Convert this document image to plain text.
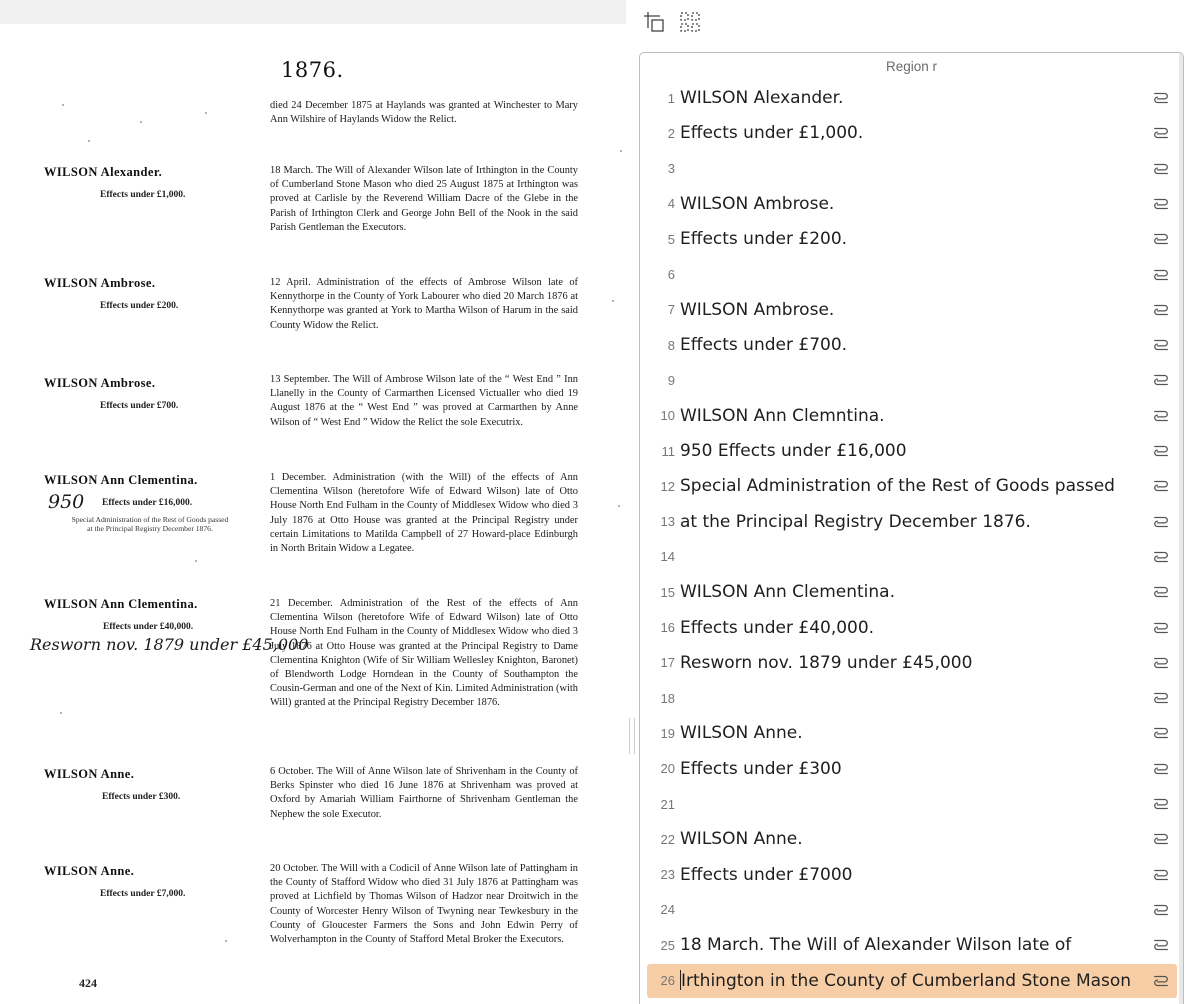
1876.

died 24 December 1875 at Haylands was granted at Winchester to Mary Ann Wilshire of Haylands Widow the Relict.

WILSON Alexander.
Effects under £1,000.

18 March. The Will of Alexander Wilson late of Irthington in the County of Cumberland Stone Mason who died 25 August 1875 at Irthington was proved at Carlisle by the Reverend William Dacre of the Glebe in the Parish of Irthington Clerk and George John Bell of the Nook in the said Parish Gentleman the Executors.

WILSON Ambrose.
Effects under £200.

12 April. Administration of the effects of Ambrose Wilson late of Kennythorpe in the County of York Labourer who died 20 March 1876 at Kennythorpe was granted at York to Martha Wilson of Harum in the said County Widow the Relict.

WILSON Ambrose.
Effects under £700.

13 September. The Will of Ambrose Wilson late of the “ West End ” Inn Llanelly in the County of Carmarthen Licensed Victualler who died 19 August 1876 at the “ West End ” was proved at Carmarthen by Anne Wilson of “ West End ” Widow the Relict the sole Executrix.

WILSON Ann Clementina.
950 Effects under £16,000.
Special Administration of the Rest of Goods passed
at the Principal Registry December 1876.

1 December. Administration (with the Will) of the effects of Ann Clementina Wilson (heretofore Wife of Edward Wilson) late of Otto House North End Fulham in the County of Middlesex Widow who died 3 July 1876 at Otto House was granted at the Principal Registry under certain Limitations to Matilda Campbell of 27 Howard-place Edinburgh in North Britain Widow a Legatee.

WILSON Ann Clementina.
Effects under £40,000.
Resworn nov. 1879 under £45,000

21 December. Administration of the Rest of the effects of Ann Clementina Wilson (heretofore Wife of Edward Wilson) late of Otto House North End Fulham in the County of Middlesex Widow who died 3 July 1876 at Otto House was granted at the Principal Registry to Dame Clementina Knighton (Wife of Sir William Wellesley Knighton, Baronet) of Blendworth Lodge Horndean in the County of Southampton the Cousin-German and one of the Next of Kin. Limited Administration (with Will) granted at the Principal Registry December 1876.

WILSON Anne.
Effects under £300.

6 October. The Will of Anne Wilson late of Shrivenham in the County of Berks Spinster who died 16 June 1876 at Shrivenham was proved at Oxford by Amariah William Fairthorne of Shrivenham Gentleman the Nephew the sole Executor.

WILSON Anne.
Effects under £7,000.

20 October. The Will with a Codicil of Anne Wilson late of Pattingham in the County of Stafford Widow who died 31 July 1876 at Pattingham was proved at Lichfield by Thomas Wilson of Hadzor near Droitwich in the County of Worcester Henry Wilson of Twyning near Tewkesbury in the County of Gloucester Farmers the Sons and John Edwin Perry of Wolverhampton in the County of Stafford Metal Broker the Executors.

424
Region r
1 WILSON Alexander.
2 Effects under £1,000.
3
4 WILSON Ambrose.
5 Effects under £200.
6
7 WILSON Ambrose.
8 Effects under £700.
9
10 WILSON Ann Clemntina.
11 950 Effects under £16,000
12 Special Administration of the Rest of Goods passed
13 at the Principal Registry December 1876.
14
15 WILSON Ann Clementina.
16 Effects under £40,000.
17 Resworn nov. 1879 under £45,000
18
19 WILSON Anne.
20 Effects under £300
21
22 WILSON Anne.
23 Effects under £7000
24
25 18 March. The Will of Alexander Wilson late of
26 Irthington in the County of Cumberland Stone Mason
